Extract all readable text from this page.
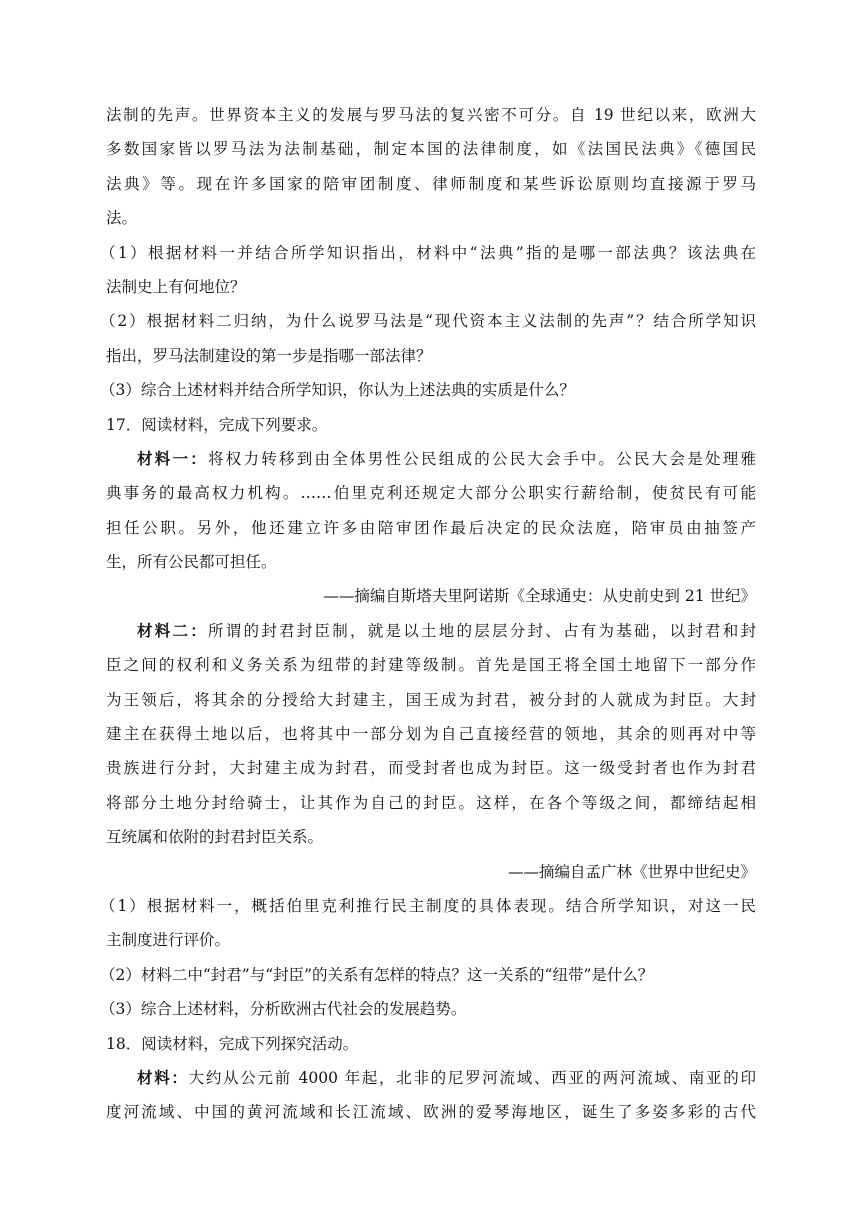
法制的先声。世界资本主义的发展与罗马法的复兴密不可分。自 19 世纪以来，欧洲大
多数国家皆以罗马法为法制基础，制定本国的法律制度，如《法国民法典》《德国民
法典》等。现在许多国家的陪审团制度、律师制度和某些诉讼原则均直接源于罗马
法。
（1）根据材料一并结合所学知识指出，材料中“法典”指的是哪一部法典？该法典在
法制史上有何地位？
（2）根据材料二归纳，为什么说罗马法是“现代资本主义法制的先声”？结合所学知识
指出，罗马法制建设的第一步是指哪一部法律？
（3）综合上述材料并结合所学知识，你认为上述法典的实质是什么？
17．阅读材料，完成下列要求。
材料一：将权力转移到由全体男性公民组成的公民大会手中。公民大会是处理雅
典事务的最高权力机构。……伯里克利还规定大部分公职实行薪给制，使贫民有可能
担任公职。另外，他还建立许多由陪审团作最后决定的民众法庭，陪审员由抽签产
生，所有公民都可担任。
——摘编自斯塔夫里阿诺斯《全球通史：从史前史到 21 世纪》
材料二：所谓的封君封臣制，就是以土地的层层分封、占有为基础，以封君和封
臣之间的权利和义务关系为纽带的封建等级制。首先是国王将全国土地留下一部分作
为王领后，将其余的分授给大封建主，国王成为封君，被分封的人就成为封臣。大封
建主在获得土地以后，也将其中一部分划为自己直接经营的领地，其余的则再对中等
贵族进行分封，大封建主成为封君，而受封者也成为封臣。这一级受封者也作为封君
将部分土地分封给骑士，让其作为自己的封臣。这样，在各个等级之间，都缔结起相
互统属和依附的封君封臣关系。
——摘编自孟广林《世界中世纪史》
（1）根据材料一，概括伯里克利推行民主制度的具体表现。结合所学知识，对这一民
主制度进行评价。
（2）材料二中“封君”与“封臣”的关系有怎样的特点？这一关系的“纽带”是什么？
（3）综合上述材料，分析欧洲古代社会的发展趋势。
18．阅读材料，完成下列探究活动。
材料：大约从公元前 4000 年起，北非的尼罗河流域、西亚的两河流域、南亚的印
度河流域、中国的黄河流域和长江流域、欧洲的爱琴海地区，诞生了多姿多彩的古代
